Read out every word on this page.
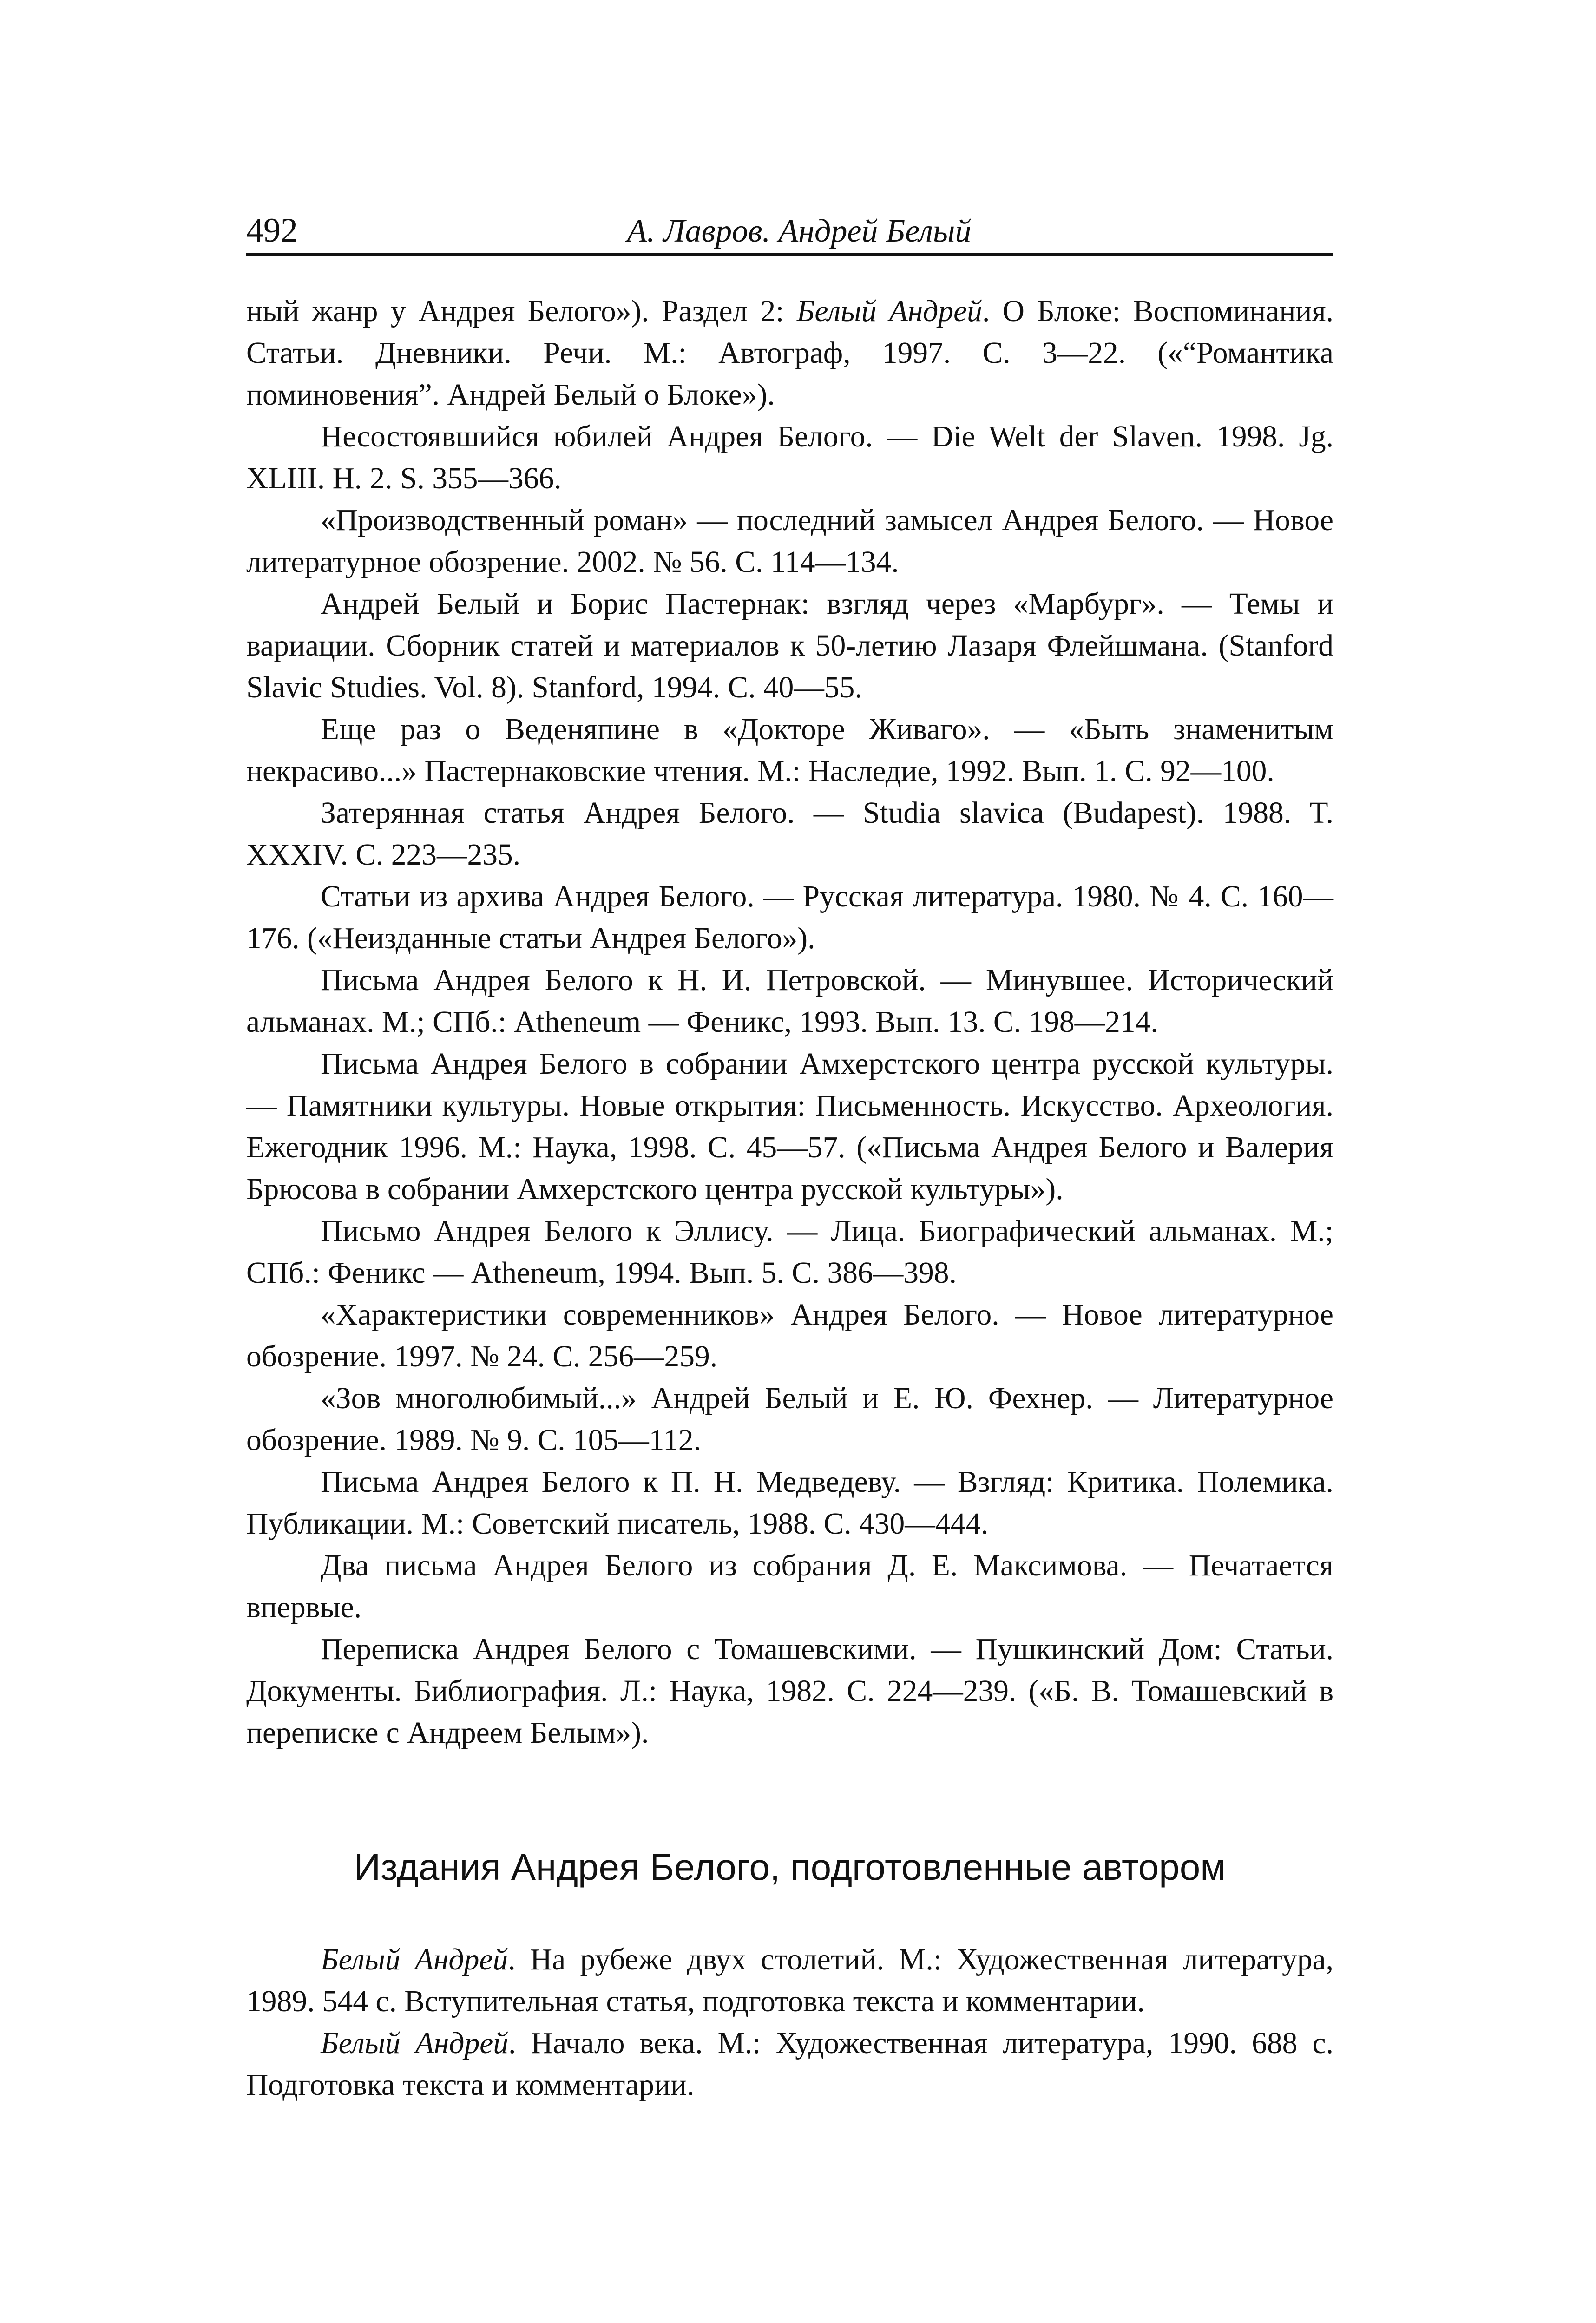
492	А. Лавров. Андрей Белый

ный жанр у Андрея Белого»). Раздел 2: Белый Андрей. О Блоке: Воспоминания. Статьи. Дневники. Речи. М.: Автограф, 1997. С. 3—22. («“Романтика поминовения”. Андрей Белый о Блоке»).

Несостоявшийся юбилей Андрея Белого. — Die Welt der Slaven. 1998. Jg. XLIII. H. 2. S. 355—366.

«Производственный роман» — последний замысел Андрея Белого. — Новое литературное обозрение. 2002. № 56. С. 114—134.

Андрей Белый и Борис Пастернак: взгляд через «Марбург». — Темы и вариации. Сборник статей и материалов к 50-летию Лазаря Флейшмана. (Stanford Slavic Studies. Vol. 8). Stanford, 1994. С. 40—55.

Еще раз о Веденяпине в «Докторе Живаго». — «Быть знаменитым некрасиво...» Пастернаковские чтения. М.: Наследие, 1992. Вып. 1. С. 92—100.

Затерянная статья Андрея Белого. — Studia slavica (Budapest). 1988. T. XXXIV. C. 223—235.

Статьи из архива Андрея Белого. — Русская литература. 1980. № 4. С. 160—176. («Неизданные статьи Андрея Белого»).

Письма Андрея Белого к Н. И. Петровской. — Минувшее. Исторический альманах. М.; СПб.: Atheneum — Феникс, 1993. Вып. 13. С. 198—214.

Письма Андрея Белого в собрании Амхерстского центра русской культуры. — Памятники культуры. Новые открытия: Письменность. Искусство. Археология. Ежегодник 1996. М.: Наука, 1998. С. 45—57. («Письма Андрея Белого и Валерия Брюсова в собрании Амхерстского центра русской культуры»).

Письмо Андрея Белого к Эллису. — Лица. Биографический альманах. М.; СПб.: Феникс — Atheneum, 1994. Вып. 5. С. 386—398.

«Характеристики современников» Андрея Белого. — Новое литературное обозрение. 1997. № 24. С. 256—259.

«Зов многолюбимый...» Андрей Белый и Е. Ю. Фехнер. — Литературное обозрение. 1989. № 9. С. 105—112.

Письма Андрея Белого к П. Н. Медведеву. — Взгляд: Критика. Полемика. Публикации. М.: Советский писатель, 1988. С. 430—444.

Два письма Андрея Белого из собрания Д. Е. Максимова. — Печатается впервые.

Переписка Андрея Белого с Томашевскими. — Пушкинский Дом: Статьи. Документы. Библиография. Л.: Наука, 1982. С. 224—239. («Б. В. Томашевский в переписке с Андреем Белым»).

Издания Андрея Белого, подготовленные автором

Белый Андрей. На рубеже двух столетий. М.: Художественная литература, 1989. 544 с. Вступительная статья, подготовка текста и комментарии.

Белый Андрей. Начало века. М.: Художественная литература, 1990. 688 с. Подготовка текста и комментарии.
